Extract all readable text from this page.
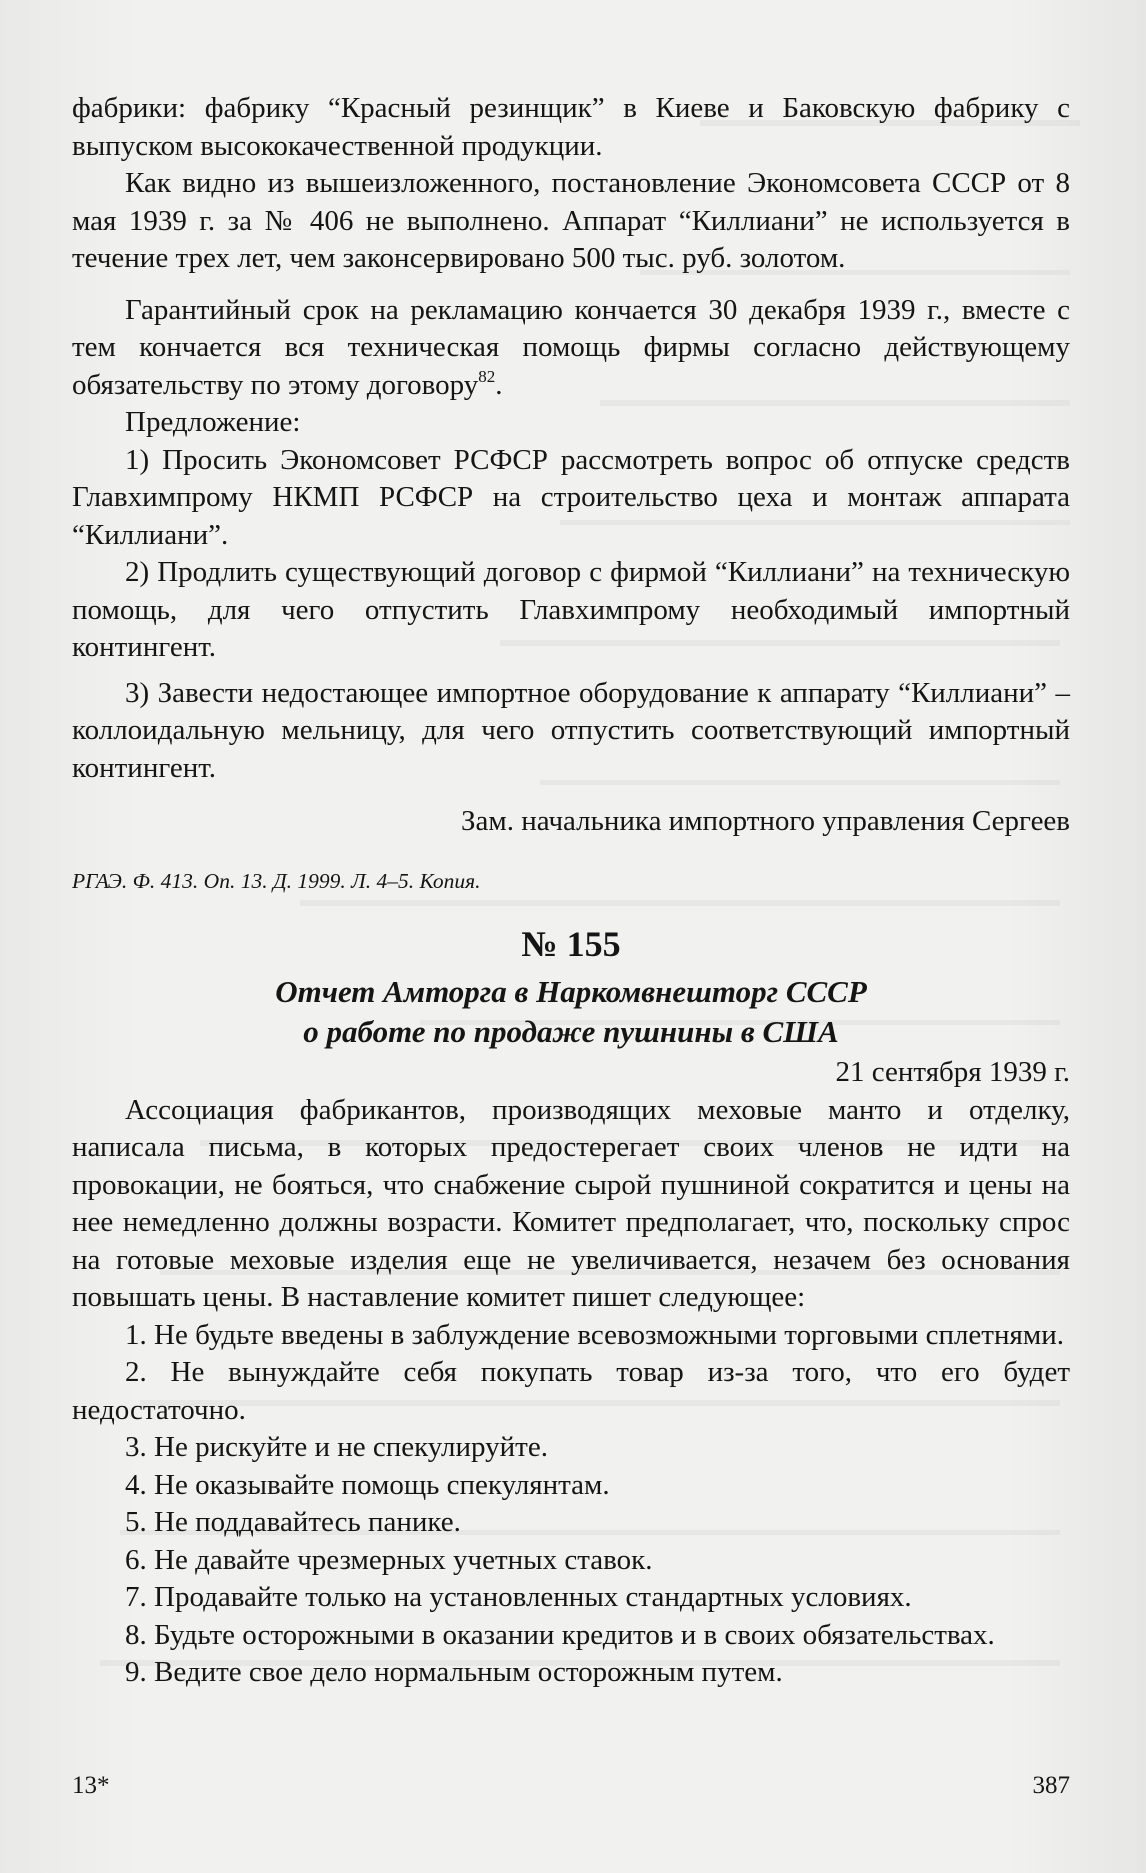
фабрики: фабрику “Красный резинщик” в Киеве и Баковскую фабрику с выпуском высококачественной продукции.

Как видно из вышеизложенного, постановление Экономсовета СССР от 8 мая 1939 г. за № 406 не выполнено. Аппарат “Киллиани” не используется в течение трех лет, чем законсервировано 500 тыс. руб. золотом.

Гарантийный срок на рекламацию кончается 30 декабря 1939 г., вместе с тем кончается вся техническая помощь фирмы согласно действующему обязательству по этому договору$^{82}$.

Предложение:

1) Просить Экономсовет РСФСР рассмотреть вопрос об отпуске средств Главхимпрому НКМП РСФСР на строительство цеха и монтаж аппарата “Киллиани”.

2) Продлить существующий договор с фирмой “Киллиани” на техническую помощь, для чего отпустить Главхимпрому необходимый импортный контингент.

3) Завести недостающее импортное оборудование к аппарату “Киллиани” – коллоидальную мельницу, для чего отпустить соответствующий импортный контингент.

Зам. начальника импортного управления Сергеев

РГАЭ. Ф. 413. Оп. 13. Д. 1999. Л. 4–5. Копия.

№ 155

Отчет Амторга в Наркомвнешторг СССР
о работе по продаже пушнины в США

21 сентября 1939 г.

Ассоциация фабрикантов, производящих меховые манто и отделку, написала письма, в которых предостерегает своих членов не идти на провокации, не бояться, что снабжение сырой пушниной сократится и цены на нее немедленно должны возрасти. Комитет предполагает, что, поскольку спрос на готовые меховые изделия еще не увеличивается, незачем без основания повышать цены. В наставление комитет пишет следующее:

1. Не будьте введены в заблуждение всевозможными торговыми сплетнями.

2. Не вынуждайте себя покупать товар из-за того, что его будет недостаточно.

3. Не рискуйте и не спекулируйте.

4. Не оказывайте помощь спекулянтам.

5. Не поддавайтесь панике.

6. Не давайте чрезмерных учетных ставок.

7. Продавайте только на установленных стандартных условиях.

8. Будьте осторожными в оказании кредитов и в своих обязательствах.

9. Ведите свое дело нормальным осторожным путем.

13*	387
